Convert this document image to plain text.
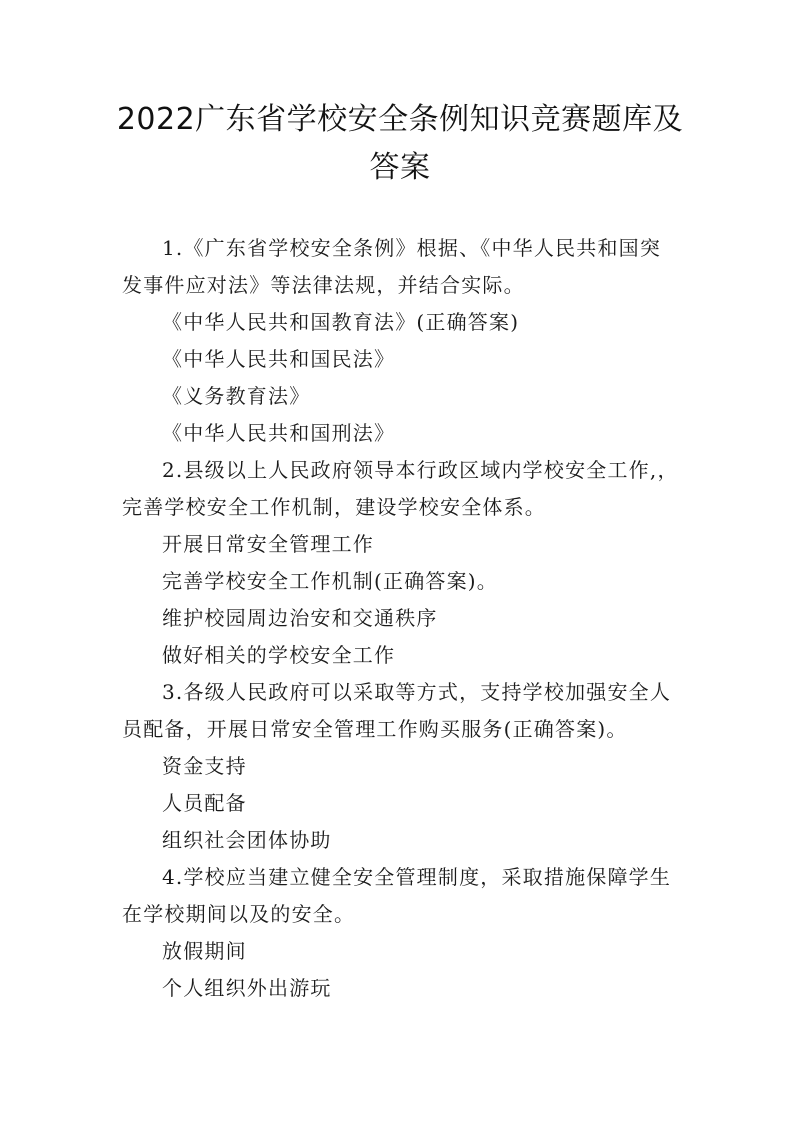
2022广东省学校安全条例知识竞赛题库及
答案

1.《广东省学校安全条例》根据、《中华人民共和国突

发事件应对法》等法律法规，并结合实际。

《中华人民共和国教育法》(正确答案)

《中华人民共和国民法》

《义务教育法》

《中华人民共和国刑法》

2.县级以上人民政府领导本行政区域内学校安全工作,，

完善学校安全工作机制，建设学校安全体系。

开展日常安全管理工作

完善学校安全工作机制(正确答案)。

维护校园周边治安和交通秩序

做好相关的学校安全工作

3.各级人民政府可以采取等方式，支持学校加强安全人

员配备，开展日常安全管理工作购买服务(正确答案)。

资金支持

人员配备

组织社会团体协助

4.学校应当建立健全安全管理制度，采取措施保障学生

在学校期间以及的安全。

放假期间

个人组织外出游玩
